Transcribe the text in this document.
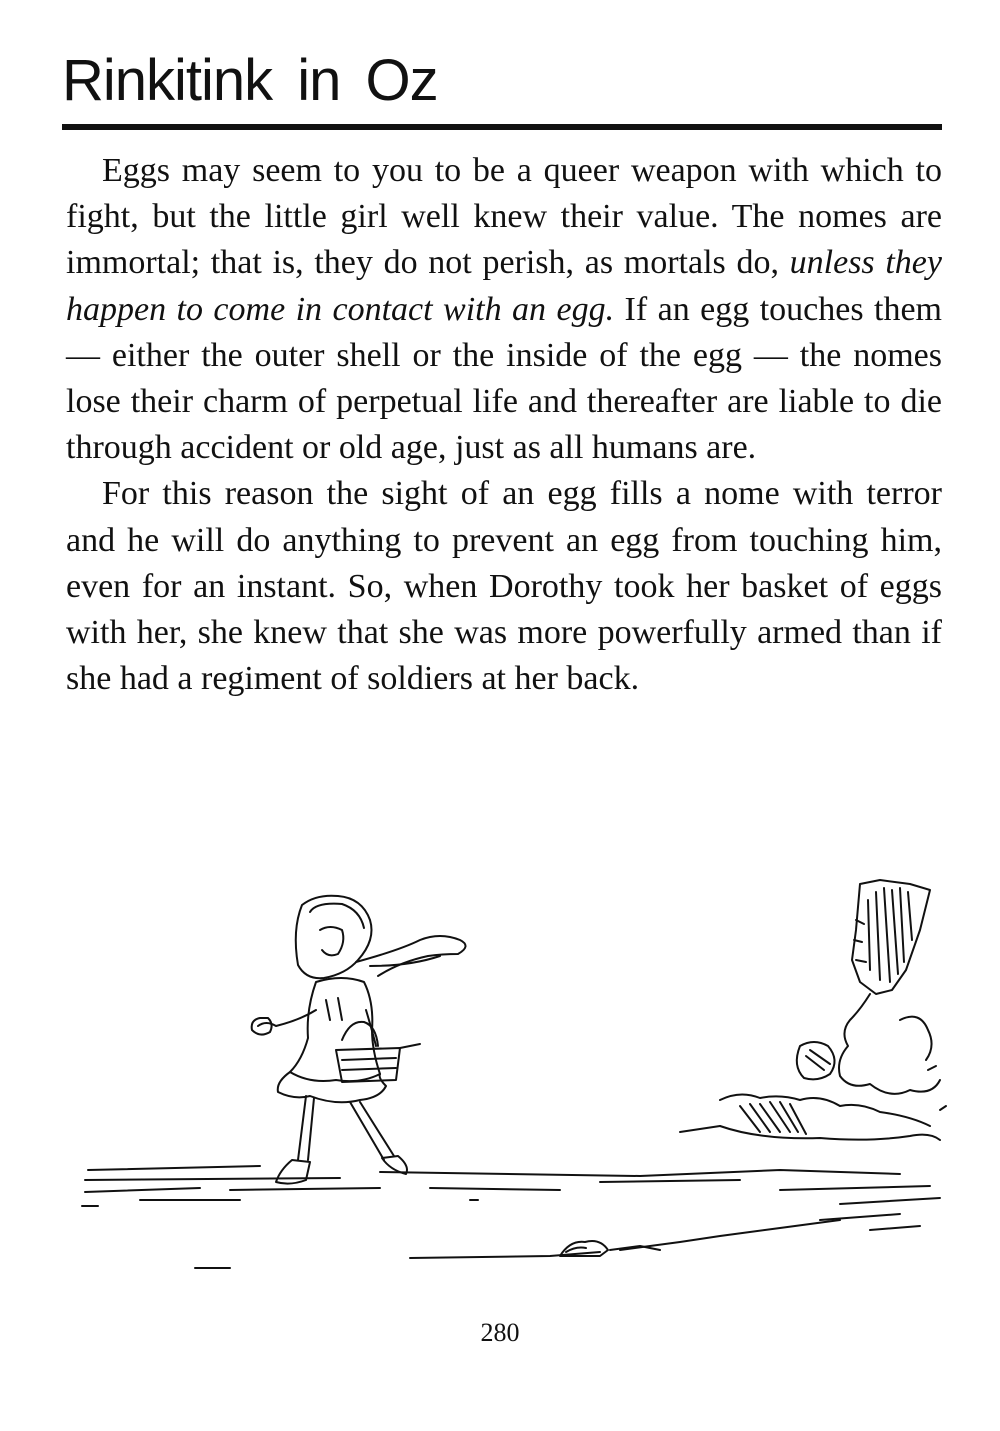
Rinkitink in Oz

Eggs may seem to you to be a queer weapon with which to fight, but the little girl well knew their value. The nomes are immortal; that is, they do not perish, as mortals do, unless they happen to come in contact with an egg. If an egg touches them — either the outer shell or the inside of the egg — the nomes lose their charm of perpetual life and thereafter are liable to die through accident or old age, just as all humans are.

For this reason the sight of an egg fills a nome with terror and he will do anything to prevent an egg from touching him, even for an instant. So, when Dorothy took her basket of eggs with her, she knew that she was more powerfully armed than if she had a regiment of soldiers at her back.

280
